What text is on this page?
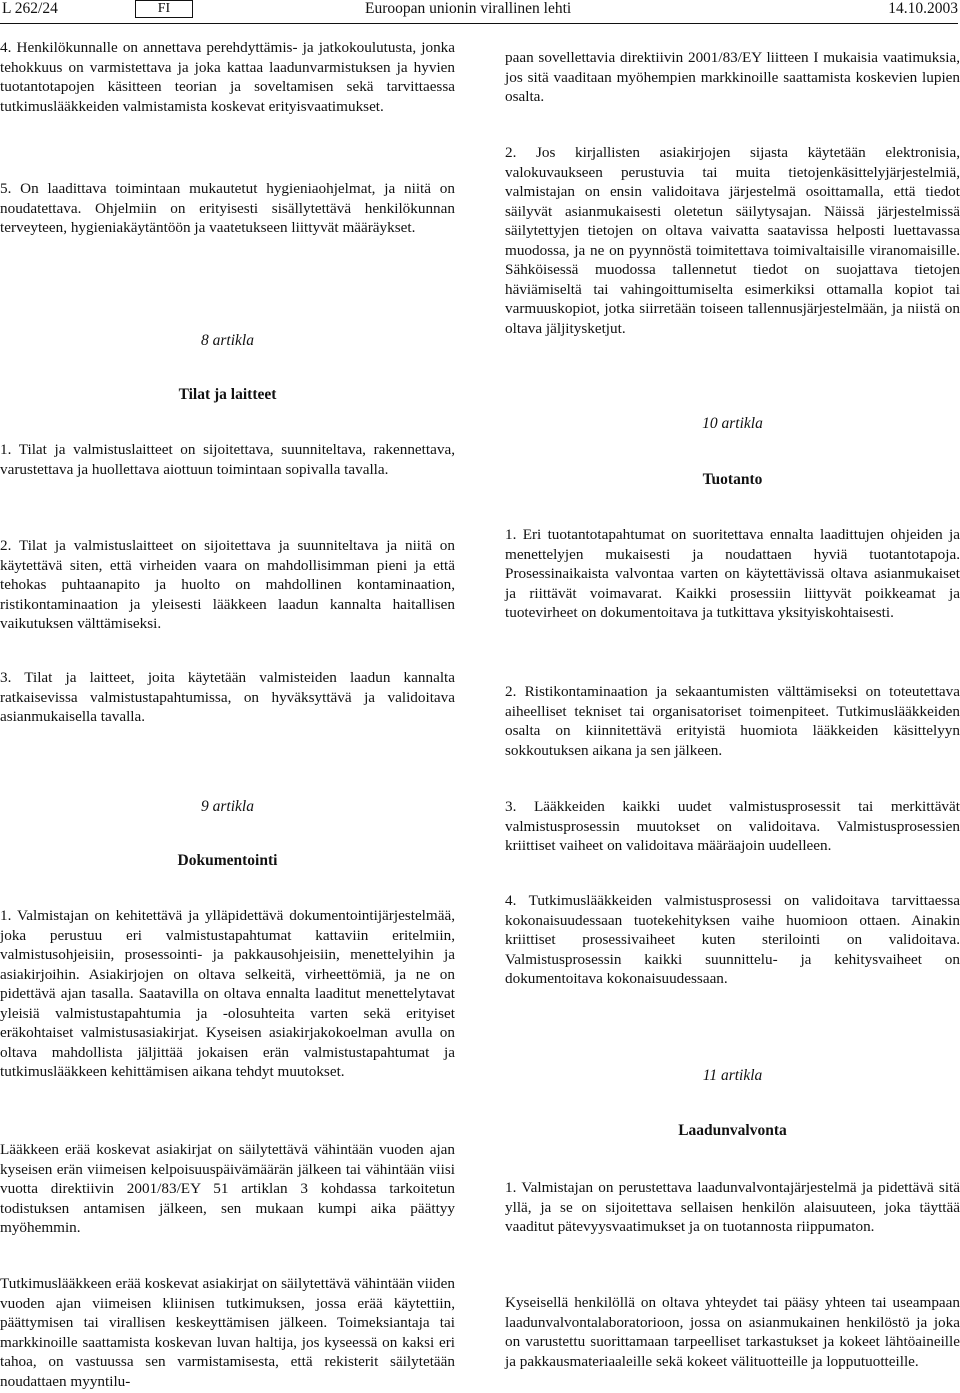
L 262/24	FI	Euroopan unionin virallinen lehti	14.10.2003

4. Henkilökunnalle on annettava perehdyttämis- ja jatkokoulutusta, jonka tehokkuus on varmistettava ja joka kattaa laadunvarmistuksen ja hyvien tuotantotapojen käsitteen teorian ja soveltamisen sekä tarvittaessa tutkimuslääkkeiden valmistamista koskevat erityisvaatimukset.

5. On laadittava toimintaan mukautetut hygieniaohjelmat, ja niitä on noudatettava. Ohjelmiin on erityisesti sisällytettävä henkilökunnan terveyteen, hygieniakäytäntöön ja vaatetukseen liittyvät määräykset.

8 artikla
Tilat ja laitteet

1. Tilat ja valmistuslaitteet on sijoitettava, suunniteltava, rakennettava, varustettava ja huollettava aiottuun toimintaan sopivalla tavalla.

2. Tilat ja valmistuslaitteet on sijoitettava ja suunniteltava ja niitä on käytettävä siten, että virheiden vaara on mahdollisimman pieni ja että tehokas puhtaanapito ja huolto on mahdollinen kontaminaation, ristikontaminaation ja yleisesti lääkkeen laadun kannalta haitallisen vaikutuksen välttämiseksi.

3. Tilat ja laitteet, joita käytetään valmisteiden laadun kannalta ratkaisevissa valmistustapahtumissa, on hyväksyttävä ja validoitava asianmukaisella tavalla.

9 artikla
Dokumentointi

1. Valmistajan on kehitettävä ja ylläpidettävä dokumentointijärjestelmää, joka perustuu eri valmistustapahtumat kattaviin eritelmiin, valmistusohjeisiin, prosessointi- ja pakkausohjeisiin, menettelyihin ja asiakirjoihin. Asiakirjojen on oltava selkeitä, virheettömiä, ja ne on pidettävä ajan tasalla. Saatavilla on oltava ennalta laaditut menettelytavat yleisiä valmistustapahtumia ja -olosuhteita varten sekä erityiset eräkohtaiset valmistusasiakirjat. Kyseisen asiakirjakokoelman avulla on oltava mahdollista jäljittää jokaisen erän valmistustapahtumat ja tutkimuslääkkeen kehittämisen aikana tehdyt muutokset.

Lääkkeen erää koskevat asiakirjat on säilytettävä vähintään vuoden ajan kyseisen erän viimeisen kelpoisuuspäivämäärän jälkeen tai vähintään viisi vuotta direktiivin 2001/83/EY 51 artiklan 3 kohdassa tarkoitetun todistuksen antamisen jälkeen, sen mukaan kumpi aika päättyy myöhemmin.

Tutkimuslääkkeen erää koskevat asiakirjat on säilytettävä vähintään viiden vuoden ajan viimeisen kliinisen tutkimuksen, jossa erää käytettiin, päättymisen tai virallisen keskeyttämisen jälkeen. Toimeksiantaja tai markkinoille saattamista koskevan luvan haltija, jos kyseessä on kaksi eri tahoa, on vastuussa sen varmistamisesta, että rekisterit säilytetään noudattaen myyntilu-

paan sovellettavia direktiivin 2001/83/EY liitteen I mukaisia vaatimuksia, jos sitä vaaditaan myöhempien markkinoille saattamista koskevien lupien osalta.

2. Jos kirjallisten asiakirjojen sijasta käytetään elektronisia, valokuvaukseen perustuvia tai muita tietojenkäsittelyjärjestelmiä, valmistajan on ensin validoitava järjestelmä osoittamalla, että tiedot säilyvät asianmukaisesti oletetun säilytysajan. Näissä järjestelmissä säilytettyjen tietojen on oltava vaivatta saatavissa helposti luettavassa muodossa, ja ne on pyynnöstä toimitettava toimivaltaisille viranomaisille. Sähköisessä muodossa tallennetut tiedot on suojattava tietojen häviämiseltä tai vahingoittumiselta esimerkiksi ottamalla kopiot tai varmuuskopiot, jotka siirretään toiseen tallennusjärjestelmään, ja niistä on oltava jäljitysketjut.

10 artikla
Tuotanto

1. Eri tuotantotapahtumat on suoritettava ennalta laadittujen ohjeiden ja menettelyjen mukaisesti ja noudattaen hyviä tuotantotapoja. Prosessinaikaista valvontaa varten on käytettävissä oltava asianmukaiset ja riittävät voimavarat. Kaikki prosessiin liittyvät poikkeamat ja tuotevirheet on dokumentoitava ja tutkittava yksityiskohtaisesti.

2. Ristikontaminaation ja sekaantumisten välttämiseksi on toteutettava aiheelliset tekniset tai organisatoriset toimenpiteet. Tutkimuslääkkeiden osalta on kiinnitettävä erityistä huomiota lääkkeiden käsittelyyn sokkoutuksen aikana ja sen jälkeen.

3. Lääkkeiden kaikki uudet valmistusprosessit tai merkittävät valmistusprosessin muutokset on validoitava. Valmistusprosessien kriittiset vaiheet on validoitava määräajoin uudelleen.

4. Tutkimuslääkkeiden valmistusprosessi on validoitava tarvittaessa kokonaisuudessaan tuotekehityksen vaihe huomioon ottaen. Ainakin kriittiset prosessivaiheet kuten sterilointi on validoitava. Valmistusprosessin kaikki suunnittelu- ja kehitysvaiheet on dokumentoitava kokonaisuudessaan.

11 artikla
Laadunvalvonta

1. Valmistajan on perustettava laadunvalvontajärjestelmä ja pidettävä sitä yllä, ja se on sijoitettava sellaisen henkilön alaisuuteen, joka täyttää vaaditut pätevyysvaatimukset ja on tuotannosta riippumaton.

Kyseisellä henkilöllä on oltava yhteydet tai pääsy yhteen tai useampaan laadunvalvontalaboratorioon, jossa on asianmukainen henkilöstö ja joka on varustettu suorittamaan tarpeelliset tarkastukset ja kokeet lähtöaineille ja pakkausmateriaaleille sekä kokeet välituotteille ja lopputuotteille.
